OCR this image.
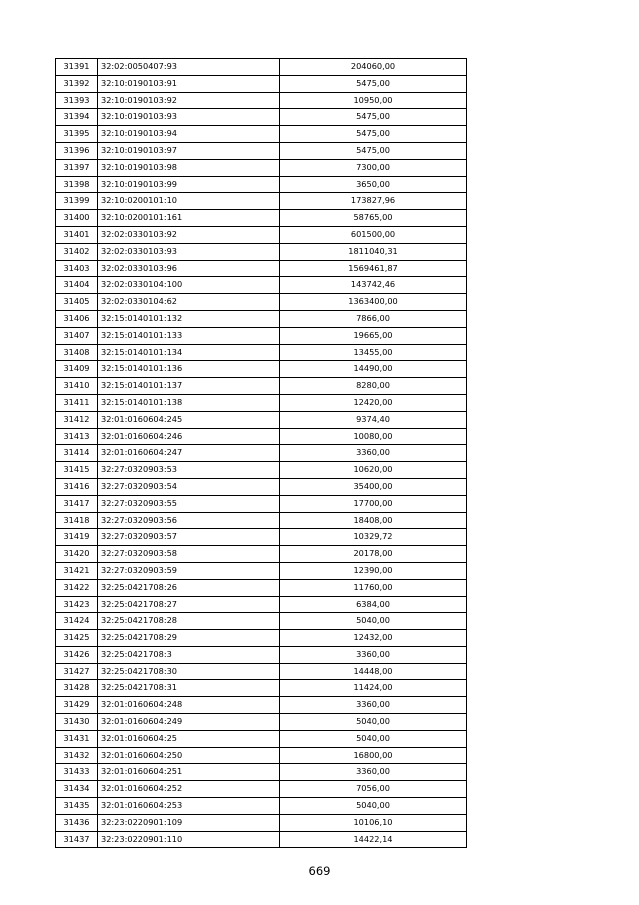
31391	32:02:0050407:93	204060,00
31392	32:10:0190103:91	5475,00
31393	32:10:0190103:92	10950,00
31394	32:10:0190103:93	5475,00
31395	32:10:0190103:94	5475,00
31396	32:10:0190103:97	5475,00
31397	32:10:0190103:98	7300,00
31398	32:10:0190103:99	3650,00
31399	32:10:0200101:10	173827,96
31400	32:10:0200101:161	58765,00
31401	32:02:0330103:92	601500,00
31402	32:02:0330103:93	1811040,31
31403	32:02:0330103:96	1569461,87
31404	32:02:0330104:100	143742,46
31405	32:02:0330104:62	1363400,00
31406	32:15:0140101:132	7866,00
31407	32:15:0140101:133	19665,00
31408	32:15:0140101:134	13455,00
31409	32:15:0140101:136	14490,00
31410	32:15:0140101:137	8280,00
31411	32:15:0140101:138	12420,00
31412	32:01:0160604:245	9374,40
31413	32:01:0160604:246	10080,00
31414	32:01:0160604:247	3360,00
31415	32:27:0320903:53	10620,00
31416	32:27:0320903:54	35400,00
31417	32:27:0320903:55	17700,00
31418	32:27:0320903:56	18408,00
31419	32:27:0320903:57	10329,72
31420	32:27:0320903:58	20178,00
31421	32:27:0320903:59	12390,00
31422	32:25:0421708:26	11760,00
31423	32:25:0421708:27	6384,00
31424	32:25:0421708:28	5040,00
31425	32:25:0421708:29	12432,00
31426	32:25:0421708:3	3360,00
31427	32:25:0421708:30	14448,00
31428	32:25:0421708:31	11424,00
31429	32:01:0160604:248	3360,00
31430	32:01:0160604:249	5040,00
31431	32:01:0160604:25	5040,00
31432	32:01:0160604:250	16800,00
31433	32:01:0160604:251	3360,00
31434	32:01:0160604:252	7056,00
31435	32:01:0160604:253	5040,00
31436	32:23:0220901:109	10106,10
31437	32:23:0220901:110	14422,14
669
